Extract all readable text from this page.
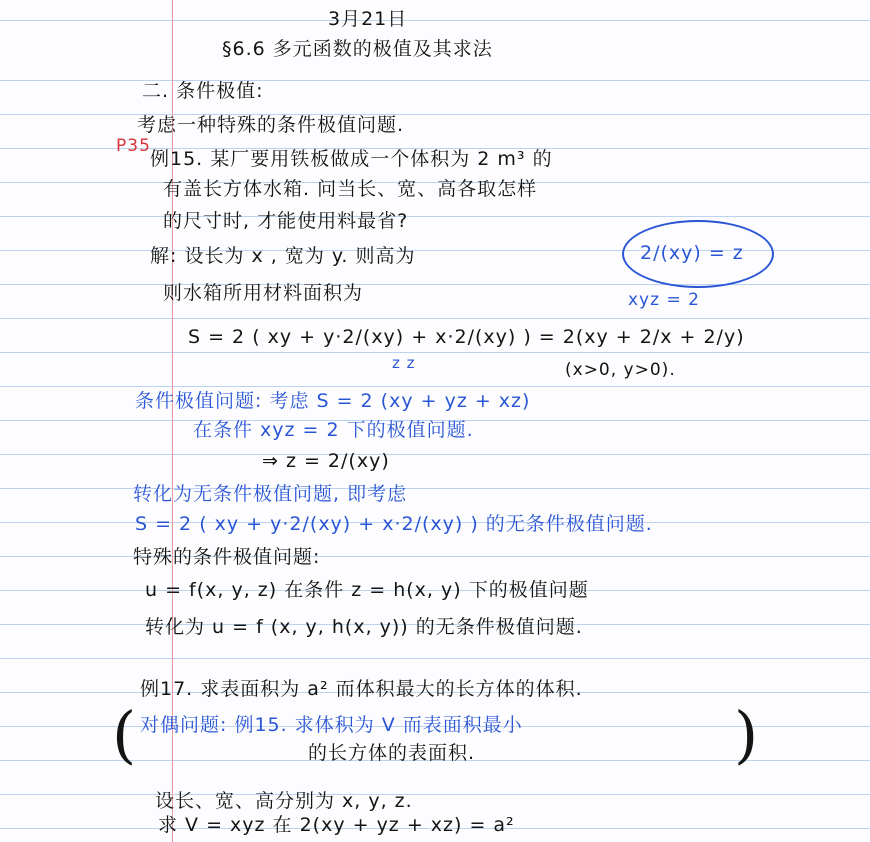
3月21日
§6.6 多元函数的极值及其求法
二. 条件极值:
考虑一种特殊的条件极值问题.
P35
例15. 某厂要用铁板做成一个体积为 2 m³ 的
有盖长方体水箱. 问当长、宽、高各取怎样
的尺寸时, 才能使用料最省?
解: 设长为 x , 宽为 y. 则高为	2/(xy) = z
xyz = 2
则水箱所用材料面积为
S = 2 ( xy + y·2/(xy) + x·2/(xy) ) = 2(xy + 2/x + 2/y)
z z	(x>0, y>0).
条件极值问题: 考虑 S = 2 (xy + yz + xz)
在条件 xyz = 2 下的极值问题.
⇒ z = 2/(xy)
转化为无条件极值问题, 即考虑
S = 2 ( xy + y·2/(xy) + x·2/(xy) ) 的无条件极值问题.
特殊的条件极值问题:
u = f(x, y, z) 在条件 z = h(x, y) 下的极值问题
转化为 u = f (x, y, h(x, y)) 的无条件极值问题.
例17. 求表面积为 a² 而体积最大的长方体的体积.
( 对偶问题: 例15. 求体积为 V 而表面积最小
的长方体的表面积.	)
设长、宽、高分别为 x, y, z.
求 V = xyz 在 2(xy + yz + xz) = a²
